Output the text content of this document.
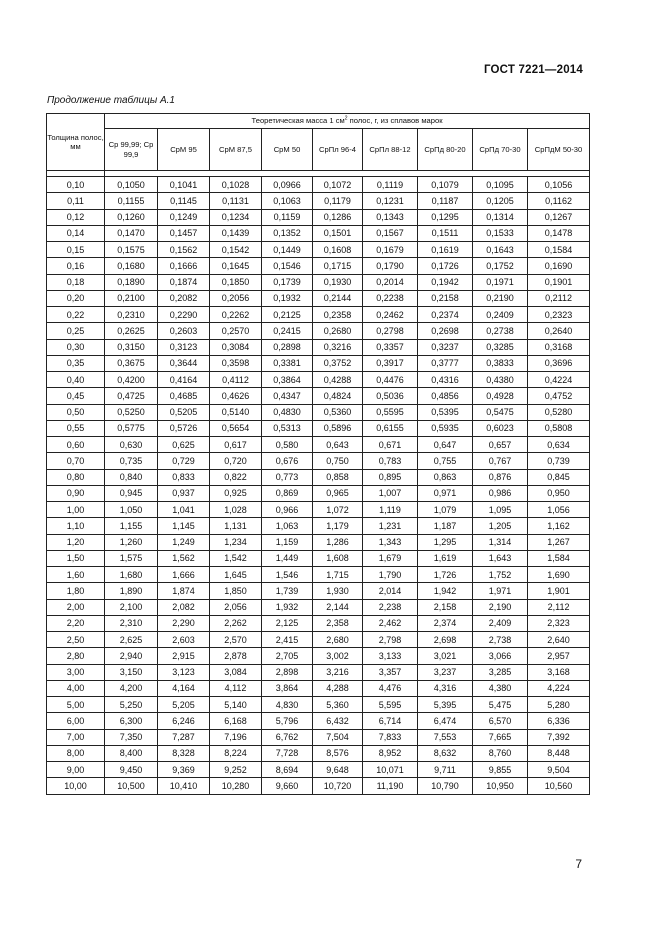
ГОСТ 7221—2014
Продолжение таблицы А.1
Толщина полос, мм	Теоретическая масса 1 $см^2$ полос, г, из сплавов марок								
	Ср 99,99; Ср 99,9	СрМ 95	СрМ 87,5	СрМ 50	СрПл 96-4	СрПл 88-12	СрПд 80-20	СрПд 70-30	СрПдМ 50-30

0,10	0,1050	0,1041	0,1028	0,0966	0,1072	0,1119	0,1079	0,1095	0,1056
0,11	0,1155	0,1145	0,1131	0,1063	0,1179	0,1231	0,1187	0,1205	0,1162
0,12	0,1260	0,1249	0,1234	0,1159	0,1286	0,1343	0,1295	0,1314	0,1267
0,14	0,1470	0,1457	0,1439	0,1352	0,1501	0,1567	0,1511	0,1533	0,1478
0,15	0,1575	0,1562	0,1542	0,1449	0,1608	0,1679	0,1619	0,1643	0,1584
0,16	0,1680	0,1666	0,1645	0,1546	0,1715	0,1790	0,1726	0,1752	0,1690
0,18	0,1890	0,1874	0,1850	0,1739	0,1930	0,2014	0,1942	0,1971	0,1901
0,20	0,2100	0,2082	0,2056	0,1932	0,2144	0,2238	0,2158	0,2190	0,2112
0,22	0,2310	0,2290	0,2262	0,2125	0,2358	0,2462	0,2374	0,2409	0,2323
0,25	0,2625	0,2603	0,2570	0,2415	0,2680	0,2798	0,2698	0,2738	0,2640
0,30	0,3150	0,3123	0,3084	0,2898	0,3216	0,3357	0,3237	0,3285	0,3168
0,35	0,3675	0,3644	0,3598	0,3381	0,3752	0,3917	0,3777	0,3833	0,3696
0,40	0,4200	0,4164	0,4112	0,3864	0,4288	0,4476	0,4316	0,4380	0,4224
0,45	0,4725	0,4685	0,4626	0,4347	0,4824	0,5036	0,4856	0,4928	0,4752
0,50	0,5250	0,5205	0,5140	0,4830	0,5360	0,5595	0,5395	0,5475	0,5280
0,55	0,5775	0,5726	0,5654	0,5313	0,5896	0,6155	0,5935	0,6023	0,5808
0,60	0,630	0,625	0,617	0,580	0,643	0,671	0,647	0,657	0,634
0,70	0,735	0,729	0,720	0,676	0,750	0,783	0,755	0,767	0,739
0,80	0,840	0,833	0,822	0,773	0,858	0,895	0,863	0,876	0,845
0,90	0,945	0,937	0,925	0,869	0,965	1,007	0,971	0,986	0,950
1,00	1,050	1,041	1,028	0,966	1,072	1,119	1,079	1,095	1,056
1,10	1,155	1,145	1,131	1,063	1,179	1,231	1,187	1,205	1,162
1,20	1,260	1,249	1,234	1,159	1,286	1,343	1,295	1,314	1,267
1,50	1,575	1,562	1,542	1,449	1,608	1,679	1,619	1,643	1,584
1,60	1,680	1,666	1,645	1,546	1,715	1,790	1,726	1,752	1,690
1,80	1,890	1,874	1,850	1,739	1,930	2,014	1,942	1,971	1,901
2,00	2,100	2,082	2,056	1,932	2,144	2,238	2,158	2,190	2,112
2,20	2,310	2,290	2,262	2,125	2,358	2,462	2,374	2,409	2,323
2,50	2,625	2,603	2,570	2,415	2,680	2,798	2,698	2,738	2,640
2,80	2,940	2,915	2,878	2,705	3,002	3,133	3,021	3,066	2,957
3,00	3,150	3,123	3,084	2,898	3,216	3,357	3,237	3,285	3,168
4,00	4,200	4,164	4,112	3,864	4,288	4,476	4,316	4,380	4,224
5,00	5,250	5,205	5,140	4,830	5,360	5,595	5,395	5,475	5,280
6,00	6,300	6,246	6,168	5,796	6,432	6,714	6,474	6,570	6,336
7,00	7,350	7,287	7,196	6,762	7,504	7,833	7,553	7,665	7,392
8,00	8,400	8,328	8,224	7,728	8,576	8,952	8,632	8,760	8,448
9,00	9,450	9,369	9,252	8,694	9,648	10,071	9,711	9,855	9,504
10,00	10,500	10,410	10,280	9,660	10,720	11,190	10,790	10,950	10,560
7
